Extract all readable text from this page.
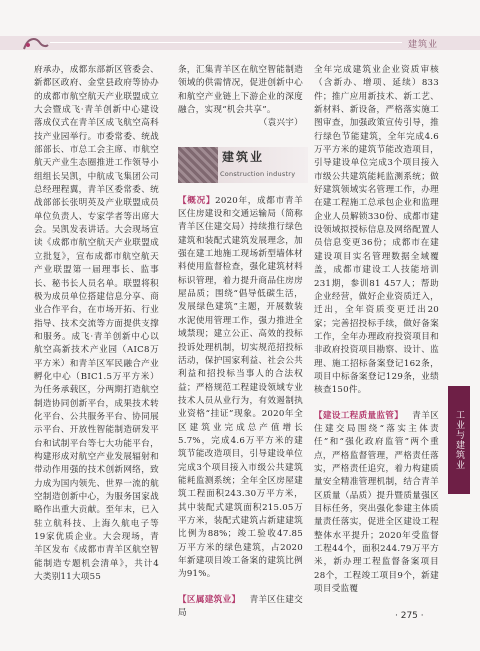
建筑业

府承办，成都东部新区管委会、新都区政府、金堂县政府等协办的成都市航空航天产业联盟成立大会暨成飞·青羊创新中心建设落成仪式在青羊区成飞航空高科技产业园举行。市委常委、统战部部长、市总工会主席、市航空航天产业生态圈推进工作领导小组组长吴凯，中航成飞集团公司总经理程翼，青羊区委常委、统战部部长张明英及产业联盟成员单位负责人、专家学者等出席大会。吴凯发表讲话。大会现场宣读《成都市航空航天产业联盟成立批复》，宣布成都市航空航天产业联盟第一届理事长、监事长、秘书长人员名单。联盟将积极为成员单位搭建信息分享、商业合作平台，在市场开拓、行业指导、技术交流等方面提供支撑和服务。成飞·青羊创新中心以航空高新技术产业园（AIC8万平方米）和青羊区军民融合产业孵化中心（BIC1.5万平方米）为任务承载区，分两期打造航空制造协同创新平台，成果技术转化平台、公共服务平台、协同展示平台、开放性智能制造研发平台和试制平台等七大功能平台，构建形成对航空产业发展辐射和带动作用强的技术创新网络，致力成为国内领先、世界一流的航空制造创新中心，为服务国家战略作出重大贡献。至年末，已入驻立航科技、上海久航电子等19家优质企业。大会现场，青羊区发布《成都市青羊区航空智能制造专题机会清单》，共计4大类别11大项55

条，汇集青羊区在航空智能制造领域的供需情况，促进创新中心和航空产业链上下游企业的深度融合，实现“机会共享”。

（袁兴宇）

建筑业
Construction industry

【概况】2020年，成都市青羊区住房建设和交通运输局（简称青羊区住建交局）持续推行绿色建筑和装配式建筑发展理念，加强在建工地施工现场新型墙体材料使用监督检查，强化建筑材料标识管理，着力提升商品住房房屋品质；围绕“倡导低碳生活，发展绿色建筑”主题，开展数装水泥使用管理工作，强力推进全域禁现；建立公正、高效的投标投诉处理机制，切实规范招投标活动，保护国家利益、社会公共利益和招投标当事人的合法权益；严格规范工程建设领域专业技术人员从业行为，有效遏制执业资格“挂证”现象。2020年全区建筑业完成总产值增长5.7%，完成4.6万平方米的建筑节能改造项目，引导建设单位完成3个项目接入市级公共建筑能耗监测系统；全年全区房屋建筑工程面积243.30万平方米，其中装配式建筑面积215.05万平方米，装配式建筑占新建建筑比例为88%；竣工验收47.85万平方米的绿色建筑，占2020年新建项目竣工备案的建筑比例为91%。

【区属建筑业】 青羊区住建交局

全年完成建筑业企业资质审核（含新办、增项、延续）833件；推广应用新技术、新工艺、新材料、新设备，严格落实施工图审查，加强政策宣传引导，推行绿色节能建筑，全年完成4.6万平方米的建筑节能改造项目，引导建设单位完成3个项目接入市级公共建筑能耗监测系统；做好建筑领域实名管理工作，办理在建工程施工总承包企业和监理企业人员解锁330份、成都市建设领域拟授标信息及网络配置人员信息变更36份；成都市在建建设项目实名管理数据全域覆盖，成都市建设工人技能培训231期，参训81 457人；帮助企业经营，做好企业资质迁入，迁出，全年资质变更迁出20家；完善招投标手续，做好备案工作，全年办理政府投资项目和非政府投资项目勘察、设计、监理、施工招标备案登记162条，项目中标备案登记129条，业绩核查150件。

【建设工程质量监管】 青羊区住建交局围绕“落实主体责任”和“强化政府监管”两个重点，严格监督管理，严格责任落实，严格责任追究，着力构建质量安全精准管理机制，结合青羊区质量（品质）提升暨质量强区目标任务，突出强化参建主体质量责任落实，促进全区建设工程整体水平提升；2020年受监督工程44个，面积244.79万平方米，新办理工程监督备案项目28个，工程竣工项目9个，新建项目受监覆

工业与建筑业
· 275 ·
